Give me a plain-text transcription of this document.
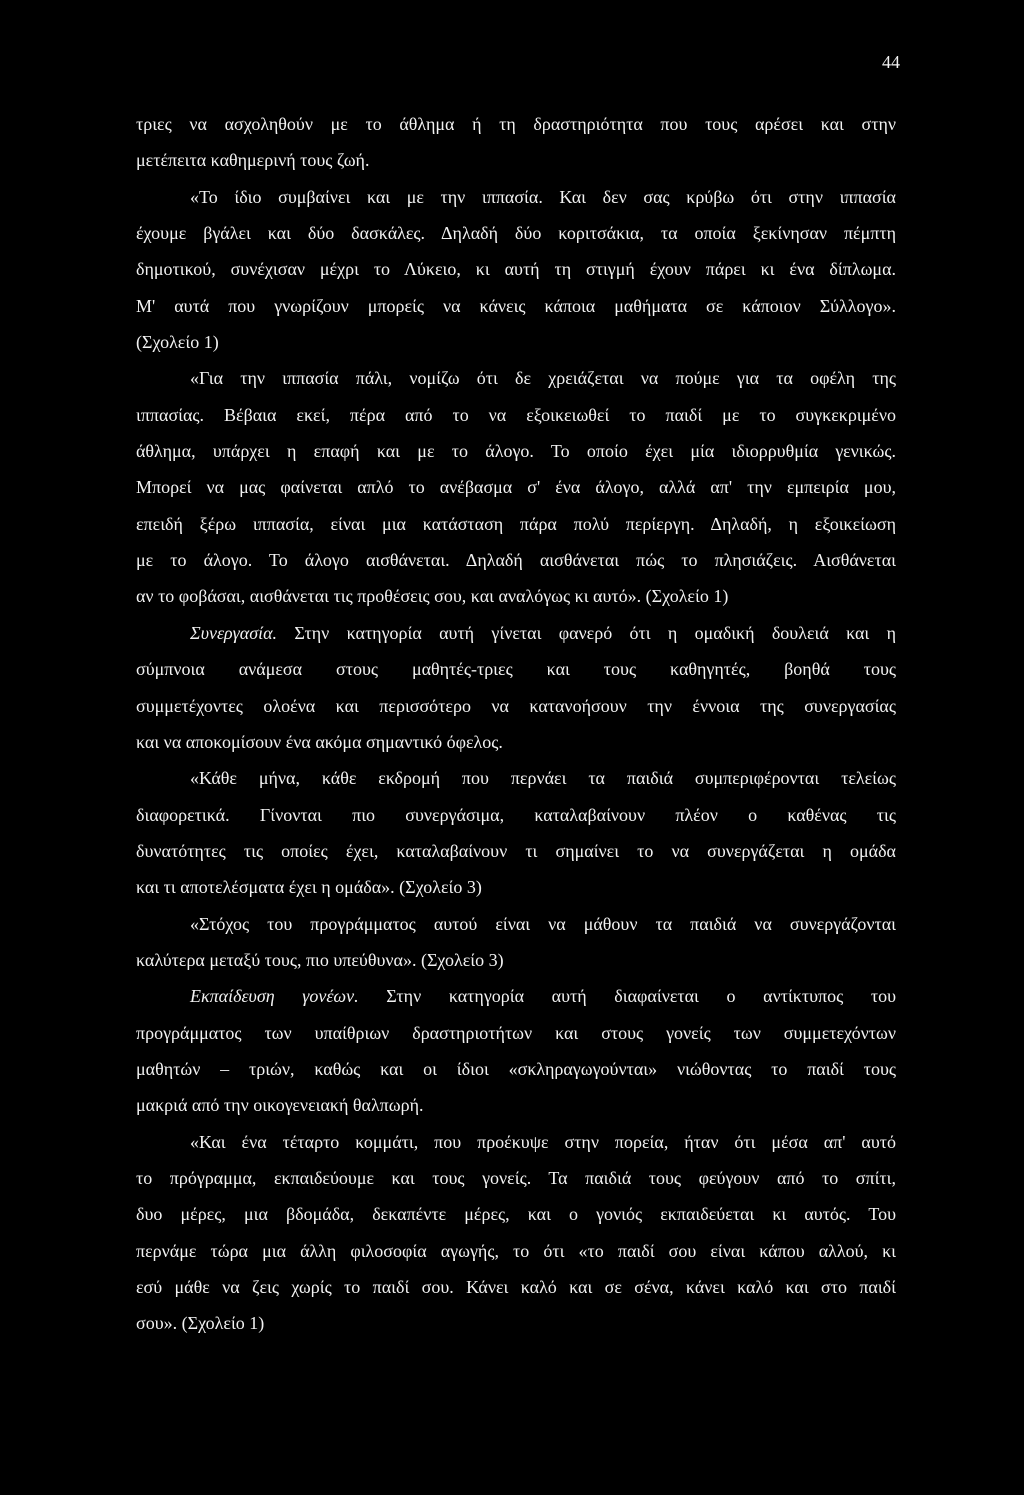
44
τριες να ασχοληθούν με το άθλημα ή τη δραστηριότητα που τους αρέσει και στην
μετέπειτα καθημερινή τους ζωή.
«Το ίδιο συμβαίνει και με την ιππασία. Και δεν σας κρύβω ότι στην ιππασία
έχουμε βγάλει και δύο δασκάλες. Δηλαδή δύο κοριτσάκια, τα οποία ξεκίνησαν πέμπτη
δημοτικού, συνέχισαν μέχρι το Λύκειο, κι αυτή τη στιγμή έχουν πάρει κι ένα δίπλωμα.
Μ' αυτά που γνωρίζουν μπορείς να κάνεις κάποια μαθήματα σε κάποιον Σύλλογο».
(Σχολείο 1)
«Για την ιππασία πάλι, νομίζω ότι δε χρειάζεται να πούμε για τα οφέλη της
ιππασίας. Βέβαια εκεί, πέρα από το να εξοικειωθεί το παιδί με το συγκεκριμένο
άθλημα, υπάρχει η επαφή και με το άλογο. Το οποίο έχει μία ιδιορρυθμία γενικώς.
Μπορεί να μας φαίνεται απλό το ανέβασμα σ' ένα άλογο, αλλά απ' την εμπειρία μου,
επειδή ξέρω ιππασία, είναι μια κατάσταση πάρα πολύ περίεργη. Δηλαδή, η εξοικείωση
με το άλογο. Το άλογο αισθάνεται. Δηλαδή αισθάνεται πώς το πλησιάζεις. Αισθάνεται
αν το φοβάσαι, αισθάνεται τις προθέσεις σου, και αναλόγως κι αυτό». (Σχολείο 1)
Συνεργασία. Στην κατηγορία αυτή γίνεται φανερό ότι η ομαδική δουλειά και η
σύμπνοια ανάμεσα στους μαθητές-τριες και τους καθηγητές, βοηθά τους
συμμετέχοντες ολοένα και περισσότερο να κατανοήσουν την έννοια της συνεργασίας
και να αποκομίσουν ένα ακόμα σημαντικό όφελος.
«Κάθε μήνα, κάθε εκδρομή που περνάει τα παιδιά συμπεριφέρονται τελείως
διαφορετικά. Γίνονται πιο συνεργάσιμα, καταλαβαίνουν πλέον ο καθένας τις
δυνατότητες τις οποίες έχει, καταλαβαίνουν τι σημαίνει το να συνεργάζεται η ομάδα
και τι αποτελέσματα έχει η ομάδα». (Σχολείο 3)
«Στόχος του προγράμματος αυτού είναι να μάθουν τα παιδιά να συνεργάζονται
καλύτερα μεταξύ τους, πιο υπεύθυνα». (Σχολείο 3)
Εκπαίδευση γονέων. Στην κατηγορία αυτή διαφαίνεται ο αντίκτυπος του
προγράμματος των υπαίθριων δραστηριοτήτων και στους γονείς των συμμετεχόντων
μαθητών – τριών, καθώς και οι ίδιοι «σκληραγωγούνται» νιώθοντας το παιδί τους
μακριά από την οικογενειακή θαλπωρή.
«Και ένα τέταρτο κομμάτι, που προέκυψε στην πορεία, ήταν ότι μέσα απ' αυτό
το πρόγραμμα, εκπαιδεύουμε και τους γονείς. Τα παιδιά τους φεύγουν από το σπίτι,
δυο μέρες, μια βδομάδα, δεκαπέντε μέρες, και ο γονιός εκπαιδεύεται κι αυτός. Του
περνάμε τώρα μια άλλη φιλοσοφία αγωγής, το ότι «το παιδί σου είναι κάπου αλλού, κι
εσύ μάθε να ζεις χωρίς το παιδί σου. Κάνει καλό και σε σένα, κάνει καλό και στο παιδί
σου». (Σχολείο 1)
